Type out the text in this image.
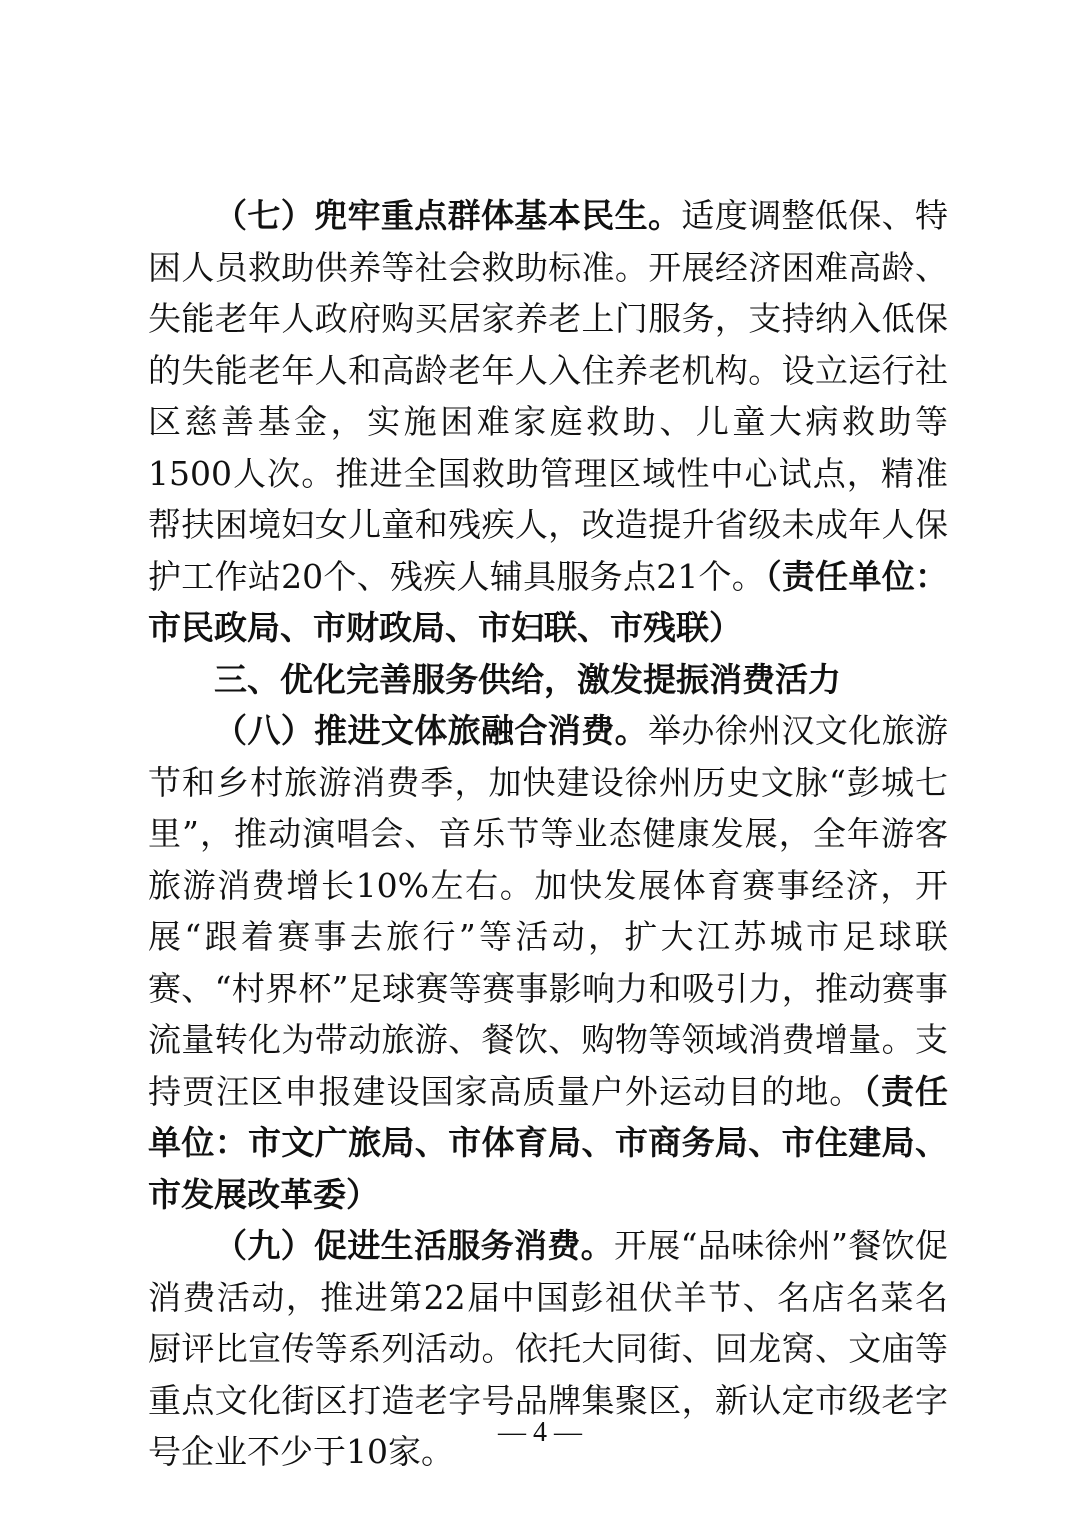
（七）兜牢重点群体基本民生。适度调整低保、特困人员救助供养等社会救助标准。开展经济困难高龄、失能老年人政府购买居家养老上门服务，支持纳入低保的失能老年人和高龄老年人入住养老机构。设立运行社区慈善基金，实施困难家庭救助、儿童大病救助等1500人次。推进全国救助管理区域性中心试点，精准帮扶困境妇女儿童和残疾人，改造提升省级未成年人保护工作站20个、残疾人辅具服务点21个。（责任单位：市民政局、市财政局、市妇联、市残联）

三、优化完善服务供给，激发提振消费活力

（八）推进文体旅融合消费。举办徐州汉文化旅游节和乡村旅游消费季，加快建设徐州历史文脉“彭城七里”，推动演唱会、音乐节等业态健康发展，全年游客旅游消费增长10%左右。加快发展体育赛事经济，开展“跟着赛事去旅行”等活动，扩大江苏城市足球联赛、“村界杯”足球赛等赛事影响力和吸引力，推动赛事流量转化为带动旅游、餐饮、购物等领域消费增量。支持贾汪区申报建设国家高质量户外运动目的地。（责任单位：市文广旅局、市体育局、市商务局、市住建局、市发展改革委）

（九）促进生活服务消费。开展“品味徐州”餐饮促消费活动，推进第22届中国彭祖伏羊节、名店名菜名厨评比宣传等系列活动。依托大同街、回龙窝、文庙等重点文化街区打造老字号品牌集聚区，新认定市级老字号企业不少于10家。	— 4 —
